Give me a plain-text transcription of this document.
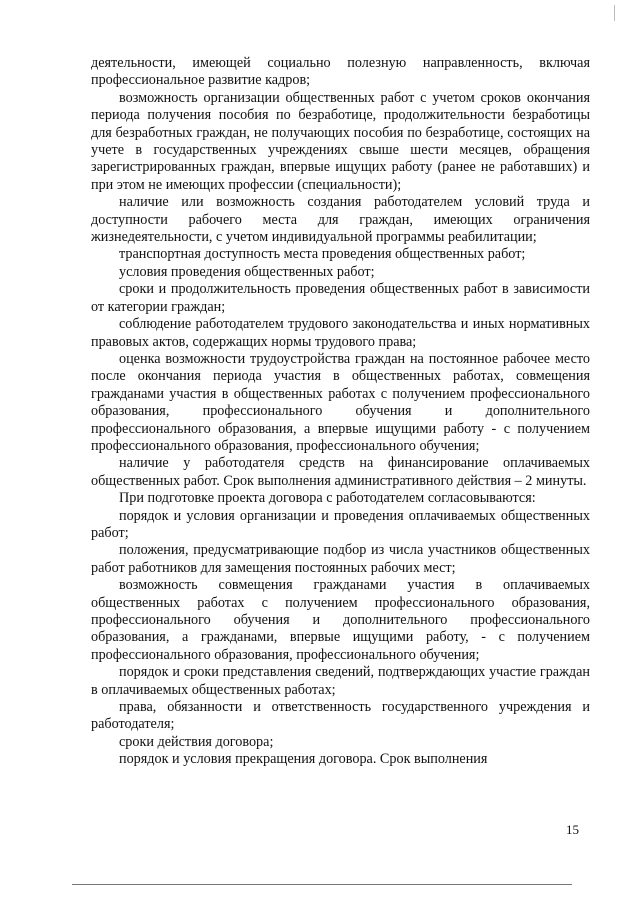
деятельности, имеющей социально полезную направленность, включая профессиональное развитие кадров;

возможность организации общественных работ с учетом сроков окончания периода получения пособия по безработице, продолжительности безработицы для безработных граждан, не получающих пособия по безработице, состоящих на учете в государственных учреждениях свыше шести месяцев, обращения зарегистрированных граждан, впервые ищущих работу (ранее не работавших) и при этом не имеющих профессии (специальности);

наличие или возможность создания работодателем условий труда и доступности рабочего места для граждан, имеющих ограничения жизнедеятельности, с учетом индивидуальной программы реабилитации;

транспортная доступность места проведения общественных работ;

условия проведения общественных работ;

сроки и продолжительность проведения общественных работ в зависимости от категории граждан;

соблюдение работодателем трудового законодательства и иных нормативных правовых актов, содержащих нормы трудового права;

оценка возможности трудоустройства граждан на постоянное рабочее место после окончания периода участия в общественных работах, совмещения гражданами участия в общественных работах с получением профессионального образования, профессионального обучения и дополнительного профессионального образования, а впервые ищущими работу - с получением профессионального образования, профессионального обучения;

наличие у работодателя средств на финансирование оплачиваемых общественных работ. Срок выполнения административного действия – 2 минуты.

При подготовке проекта договора с работодателем согласовываются:

порядок и условия организации и проведения оплачиваемых общественных работ;

положения, предусматривающие подбор из числа участников общественных работ работников для замещения постоянных рабочих мест;

возможность совмещения гражданами участия в оплачиваемых общественных работах с получением профессионального образования, профессионального обучения и дополнительного профессионального образования, а гражданами, впервые ищущими работу, - с получением профессионального образования, профессионального обучения;

порядок и сроки представления сведений, подтверждающих участие граждан в оплачиваемых общественных работах;

права, обязанности и ответственность государственного учреждения и работодателя;

сроки действия договора;

порядок и условия прекращения договора. Срок выполнения

15
